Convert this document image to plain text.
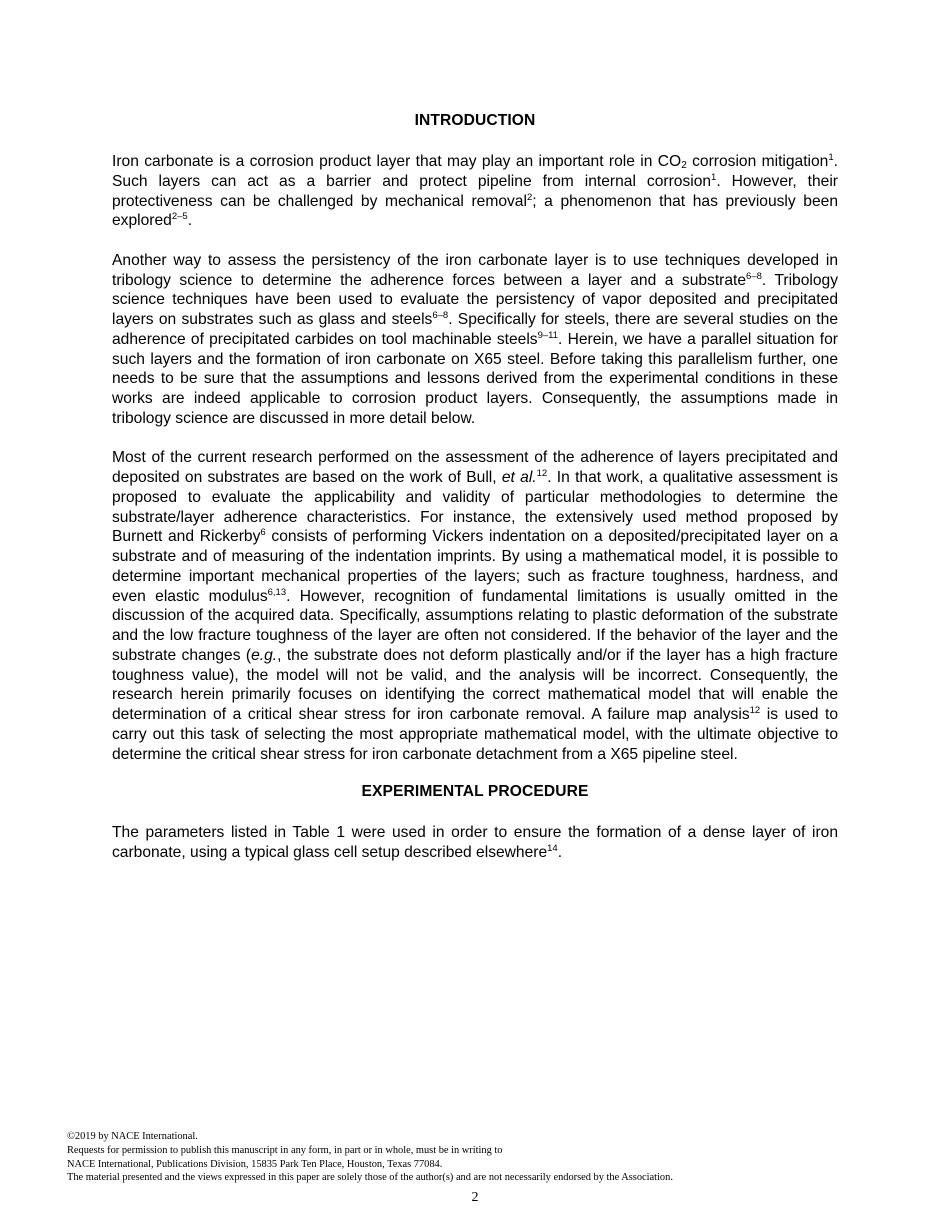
INTRODUCTION

Iron carbonate is a corrosion product layer that may play an important role in $CO_2$ corrosion mitigation$^1$. Such layers can act as a barrier and protect pipeline from internal corrosion$^1$. However, their protectiveness can be challenged by mechanical removal$^2$; a phenomenon that has previously been explored$^{2-5}$.

Another way to assess the persistency of the iron carbonate layer is to use techniques developed in tribology science to determine the adherence forces between a layer and a substrate$^{6-8}$. Tribology science techniques have been used to evaluate the persistency of vapor deposited and precipitated layers on substrates such as glass and steels$^{6-8}$. Specifically for steels, there are several studies on the adherence of precipitated carbides on tool machinable steels$^{9-11}$. Herein, we have a parallel situation for such layers and the formation of iron carbonate on X65 steel. Before taking this parallelism further, one needs to be sure that the assumptions and lessons derived from the experimental conditions in these works are indeed applicable to corrosion product layers. Consequently, the assumptions made in tribology science are discussed in more detail below.

Most of the current research performed on the assessment of the adherence of layers precipitated and deposited on substrates are based on the work of Bull, et al.$^{12}$. In that work, a qualitative assessment is proposed to evaluate the applicability and validity of particular methodologies to determine the substrate/layer adherence characteristics. For instance, the extensively used method proposed by Burnett and Rickerby$^6$ consists of performing Vickers indentation on a deposited/precipitated layer on a substrate and of measuring of the indentation imprints. By using a mathematical model, it is possible to determine important mechanical properties of the layers; such as fracture toughness, hardness, and even elastic modulus$^{6,13}$. However, recognition of fundamental limitations is usually omitted in the discussion of the acquired data. Specifically, assumptions relating to plastic deformation of the substrate and the low fracture toughness of the layer are often not considered. If the behavior of the layer and the substrate changes (e.g., the substrate does not deform plastically and/or if the layer has a high fracture toughness value), the model will not be valid, and the analysis will be incorrect. Consequently, the research herein primarily focuses on identifying the correct mathematical model that will enable the determination of a critical shear stress for iron carbonate removal. A failure map analysis$^{12}$ is used to carry out this task of selecting the most appropriate mathematical model, with the ultimate objective to determine the critical shear stress for iron carbonate detachment from a X65 pipeline steel.

EXPERIMENTAL PROCEDURE

The parameters listed in Table 1 were used in order to ensure the formation of a dense layer of iron carbonate, using a typical glass cell setup described elsewhere$^{14}$.

©2019 by NACE International.
Requests for permission to publish this manuscript in any form, in part or in whole, must be in writing to
NACE International, Publications Division, 15835 Park Ten Place, Houston, Texas 77084.
The material presented and the views expressed in this paper are solely those of the author(s) and are not necessarily endorsed by the Association.
2
